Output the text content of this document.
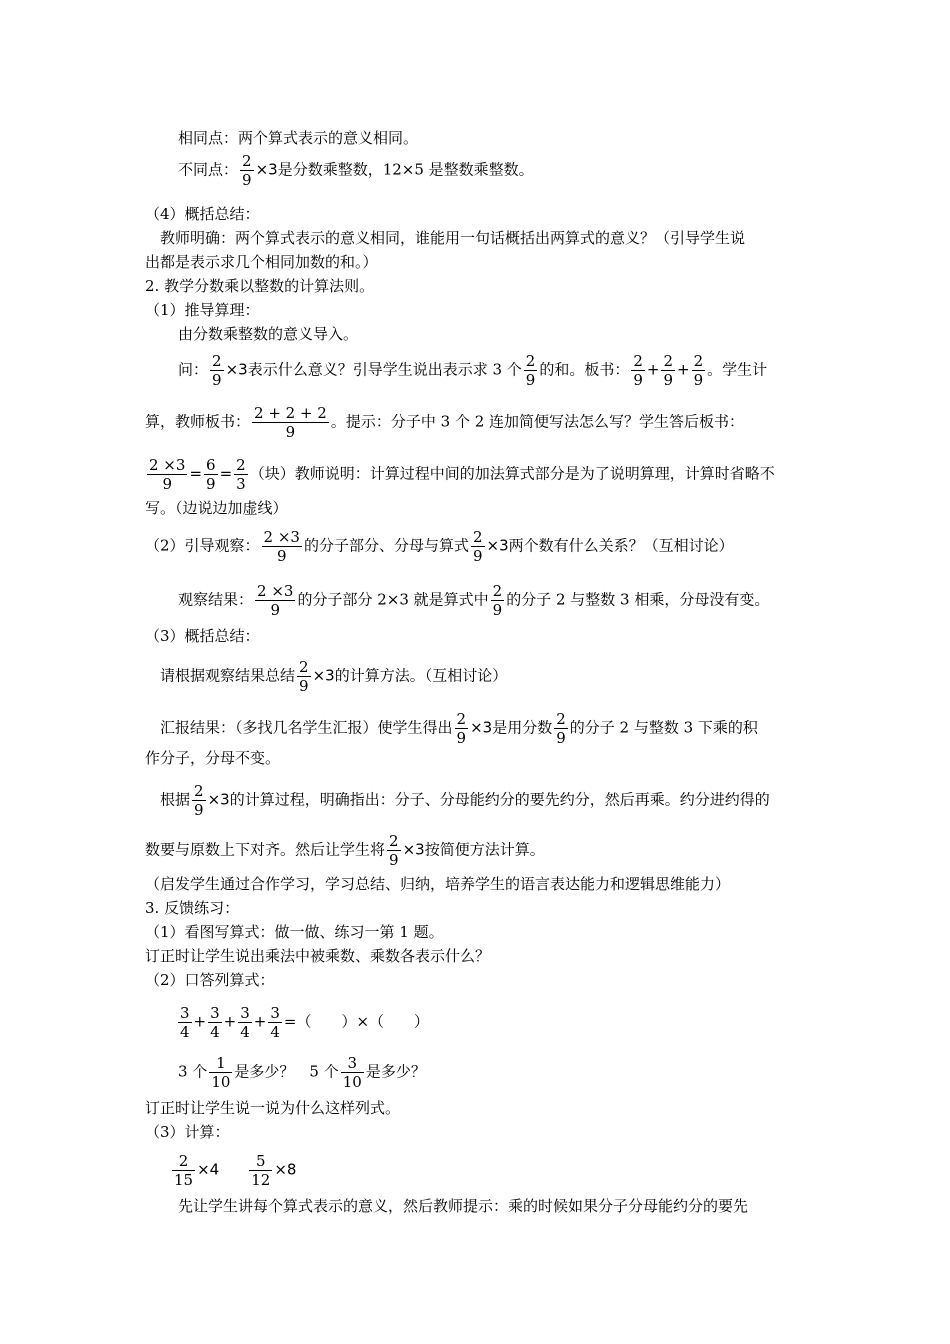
相同点：两个算式表示的意义相同。
不同点： $\frac{2}{9} \times 3$是分数乘整数，12×5 是整数乘整数。
（4）概括总结：
教师明确：两个算式表示的意义相同，谁能用一句话概括出两算式的意义？（引导学生说
出都是表示求几个相同加数的和。）
2. 教学分数乘以整数的计算法则。
（1）推导算理：
由分数乘整数的意义导入。
问： $\frac{2}{9} \times 3$表示什么意义？引导学生说出表示求 3 个 $\frac{2}{9}$ 的和。板书： $\frac{2}{9} + \frac{2}{9} + \frac{2}{9}$ 。学生计
算，教师板书： $\frac{2 + 2 + 2}{9}$ 。提示：分子中 3 个 2 连加简便写法怎么写？学生答后板书：
$\frac{2 \times 3}{9} = \frac{6}{9} = \frac{2}{3}$ （块）教师说明：计算过程中间的加法算式部分是为了说明算理，计算时省略不
写。（边说边加虚线）
（2）引导观察： $\frac{2 \times 3}{9}$ 的分子部分、分母与算式 $\frac{2}{9} \times 3$两个数有什么关系？（互相讨论）
观察结果： $\frac{2 \times 3}{9}$ 的分子部分 2×3 就是算式中 $\frac{2}{9}$ 的分子 2 与整数 3 相乘，分母没有变。
（3）概括总结：
请根据观察结果总结 $\frac{2}{9} \times 3$的计算方法。（互相讨论）
汇报结果：（多找几名学生汇报）使学生得出 $\frac{2}{9} \times 3$是用分数 $\frac{2}{9}$ 的分子 2 与整数 3 下乘的积
作分子，分母不变。
根据 $\frac{2}{9} \times 3$的计算过程，明确指出：分子、分母能约分的要先约分，然后再乘。约分进约得的
数要与原数上下对齐。然后让学生将 $\frac{2}{9} \times 3$按简便方法计算。
（启发学生通过合作学习，学习总结、归纳，培养学生的语言表达能力和逻辑思维能力）
3. 反馈练习：
（1）看图写算式：做一做、练习一第 1 题。
订正时让学生说出乘法中被乘数、乘数各表示什么？
（2）口答列算式：
$\frac{3}{4} + \frac{3}{4} + \frac{3}{4} + \frac{3}{4}$ =（　　）×（　　）
3 个 $\frac{1}{10}$ 是多少？　5 个 $\frac{3}{10}$ 是多少？
订正时让学生说一说为什么这样列式。
（3）计算：
$\frac{2}{15} \times 4 \frac{5}{12} \times 8$
先让学生讲每个算式表示的意义，然后教师提示：乘的时候如果分子分母能约分的要先
